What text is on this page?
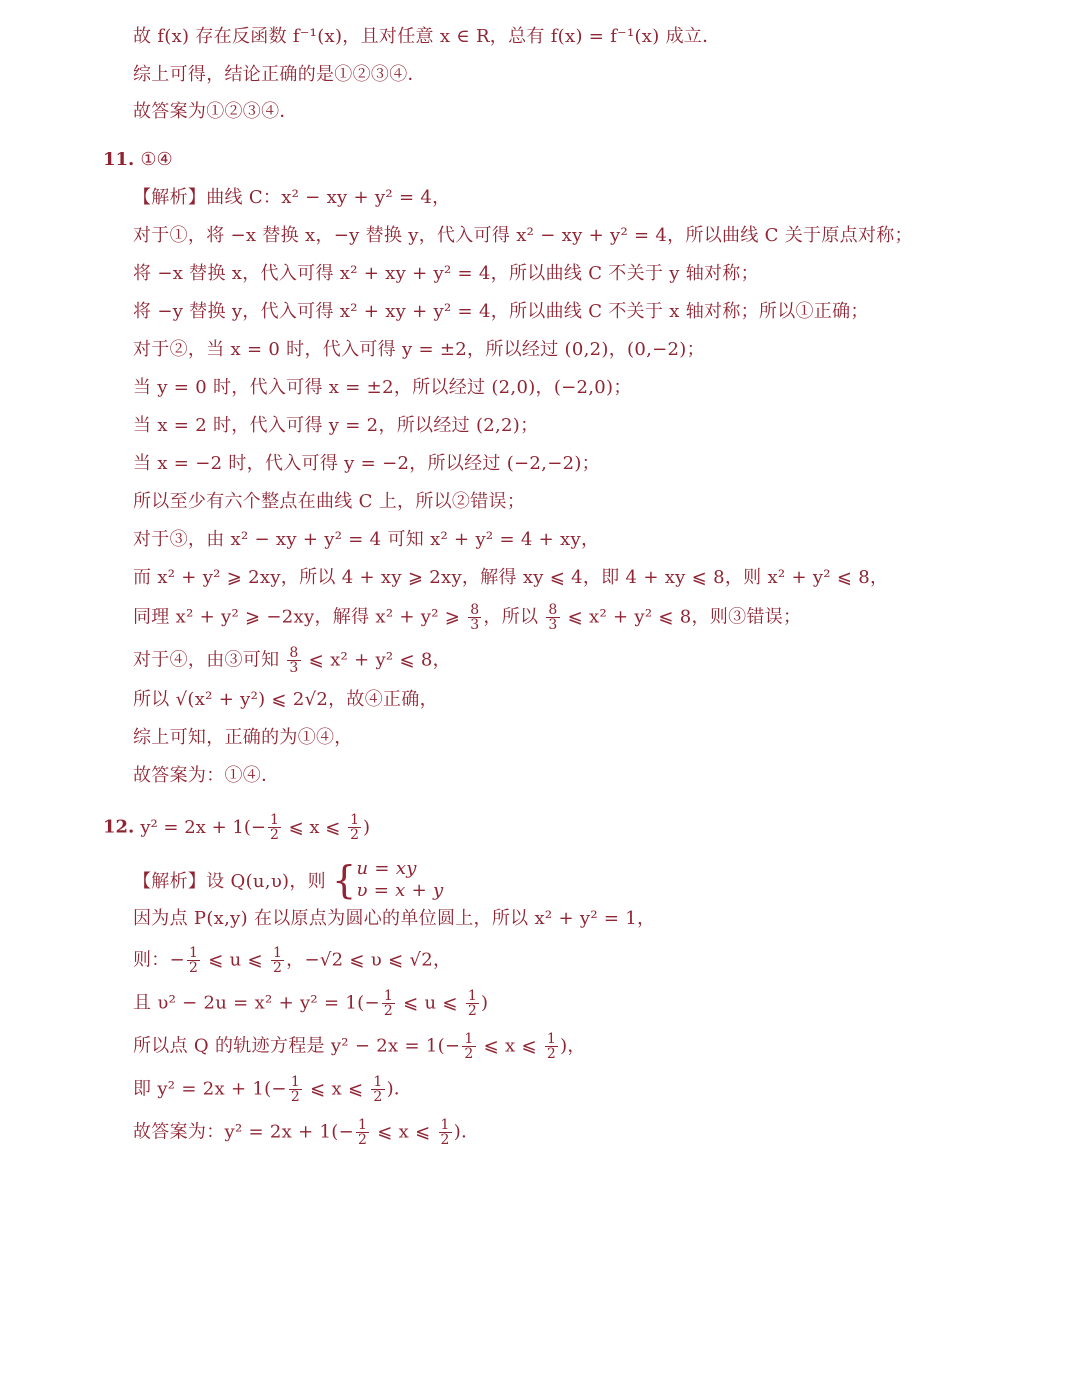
故 f(x) 存在反函数 f⁻¹(x)，且对任意 x ∈ R，总有 f(x) = f⁻¹(x) 成立．
综上可得，结论正确的是①②③④．
故答案为①②③④．
11. ①④
【解析】曲线 C：x² − xy + y² = 4，
对于①，将 −x 替换 x，−y 替换 y，代入可得 x² − xy + y² = 4，所以曲线 C 关于原点对称；
将 −x 替换 x，代入可得 x² + xy + y² = 4，所以曲线 C 不关于 y 轴对称；
将 −y 替换 y，代入可得 x² + xy + y² = 4，所以曲线 C 不关于 x 轴对称；所以①正确；
对于②，当 x = 0 时，代入可得 y = ±2，所以经过 (0,2)，(0,−2)；
当 y = 0 时，代入可得 x = ±2，所以经过 (2,0)，(−2,0)；
当 x = 2 时，代入可得 y = 2，所以经过 (2,2)；
当 x = −2 时，代入可得 y = −2，所以经过 (−2,−2)；
所以至少有六个整点在曲线 C 上，所以②错误；
对于③，由 x² − xy + y² = 4 可知 x² + y² = 4 + xy，
而 x² + y² ⩾ 2xy，所以 4 + xy ⩾ 2xy，解得 xy ⩽ 4，即 4 + xy ⩽ 8，则 x² + y² ⩽ 8，
同理 x² + y² ⩾ −2xy，解得 x² + y² ⩾ $\frac{8}{3}$ ，所以 $\frac{8}{3}$ ⩽ x² + y² ⩽ 8，则③错误；
对于④，由③可知 $\frac{8}{3}$ ⩽ x² + y² ⩽ 8，
所以 √(x² + y²) ⩽ 2√2，故④正确，
综上可知，正确的为①④，
故答案为：①④．
12. $y^2 = 2x + 1(- \frac{1}{2}$ ⩽ x ⩽ $\frac{1}{2}$ )
【解析】设 Q(u,υ)，则 { u = xy
υ = x + y
因为点 P(x,y) 在以原点为圆心的单位圆上，所以 x² + y² = 1，
则：− $\frac{1}{2}$ ⩽ u ⩽ $\frac{1}{2}$ ，−√2 ⩽ υ ⩽ √2，
且 $\upsilon^2 - 2u = x^2 + y^2 = 1(- \frac{1}{2}$ ⩽ u ⩽ $\frac{1}{2}$ )
所以点 Q 的轨迹方程是 $y^2 - 2x = 1(- \frac{1}{2}$ ⩽ x ⩽ $\frac{1}{2}$ )，
即 $y^2 = 2x + 1(- \frac{1}{2}$ ⩽ x ⩽ $\frac{1}{2}$ )．
故答案为：$y^2 = 2x + 1(- \frac{1}{2}$ ⩽ x ⩽ $\frac{1}{2}$ )．
